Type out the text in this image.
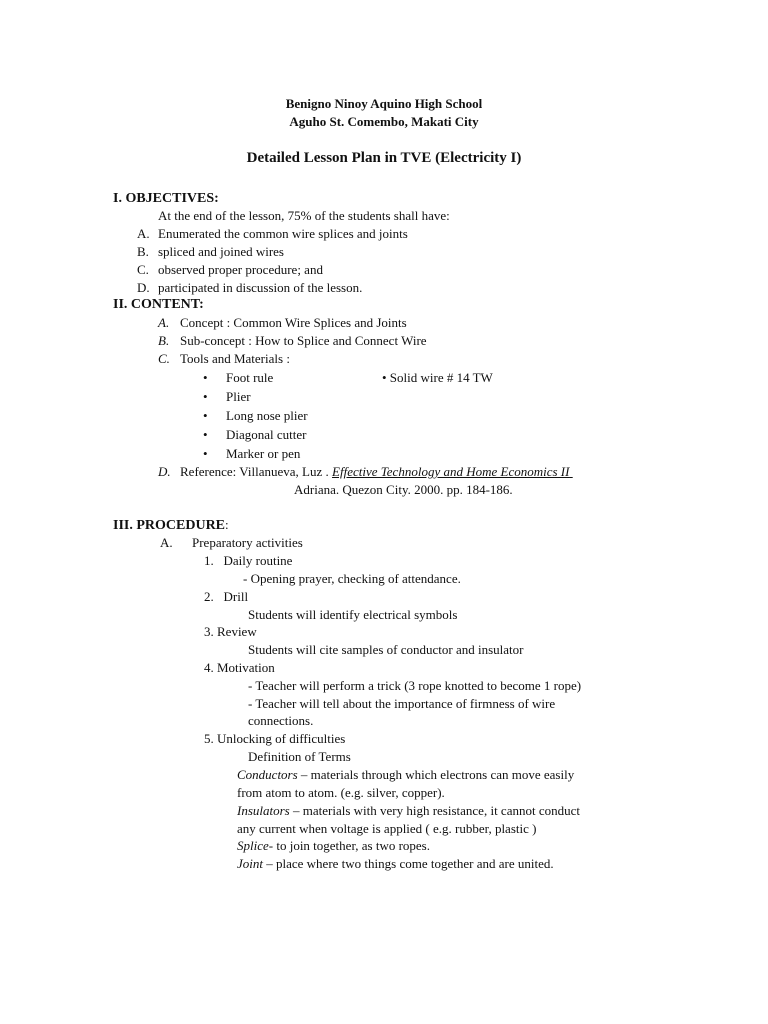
Benigno Ninoy Aquino High School
Aguho St. Comembo, Makati City
Detailed Lesson Plan in TVE (Electricity I)
I. OBJECTIVES:
At the end of the lesson, 75% of the students shall have:
A. Enumerated the common wire splices and joints
B. spliced and joined wires
C. observed proper procedure; and
D. participated in discussion of the lesson.
II. CONTENT:
A. Concept : Common Wire Splices and Joints
B. Sub-concept : How to Splice and Connect Wire
C. Tools and Materials :
• Foot rule	• Solid wire # 14 TW
• Plier
• Long nose plier
• Diagonal cutter
• Marker or pen
D. Reference: Villanueva, Luz . Effective Technology and Home Economics II
Adriana. Quezon City. 2000. pp. 184-186.
III. PROCEDURE:
A. Preparatory activities
1.   Daily routine
- Opening prayer, checking of attendance.
2.   Drill
Students will identify electrical symbols
3. Review
Students will cite samples of conductor and insulator
4. Motivation
- Teacher will perform a trick (3 rope knotted to become 1 rope)
- Teacher will tell about the importance of firmness of wire
connections.
5. Unlocking of difficulties
Definition of Terms
Conductors – materials through which electrons can move easily
from atom to atom. (e.g. silver, copper).
Insulators – materials with very high resistance, it cannot conduct
any current when voltage is applied ( e.g. rubber, plastic )
Splice- to join together, as two ropes.
Joint – place where two things come together and are united.
